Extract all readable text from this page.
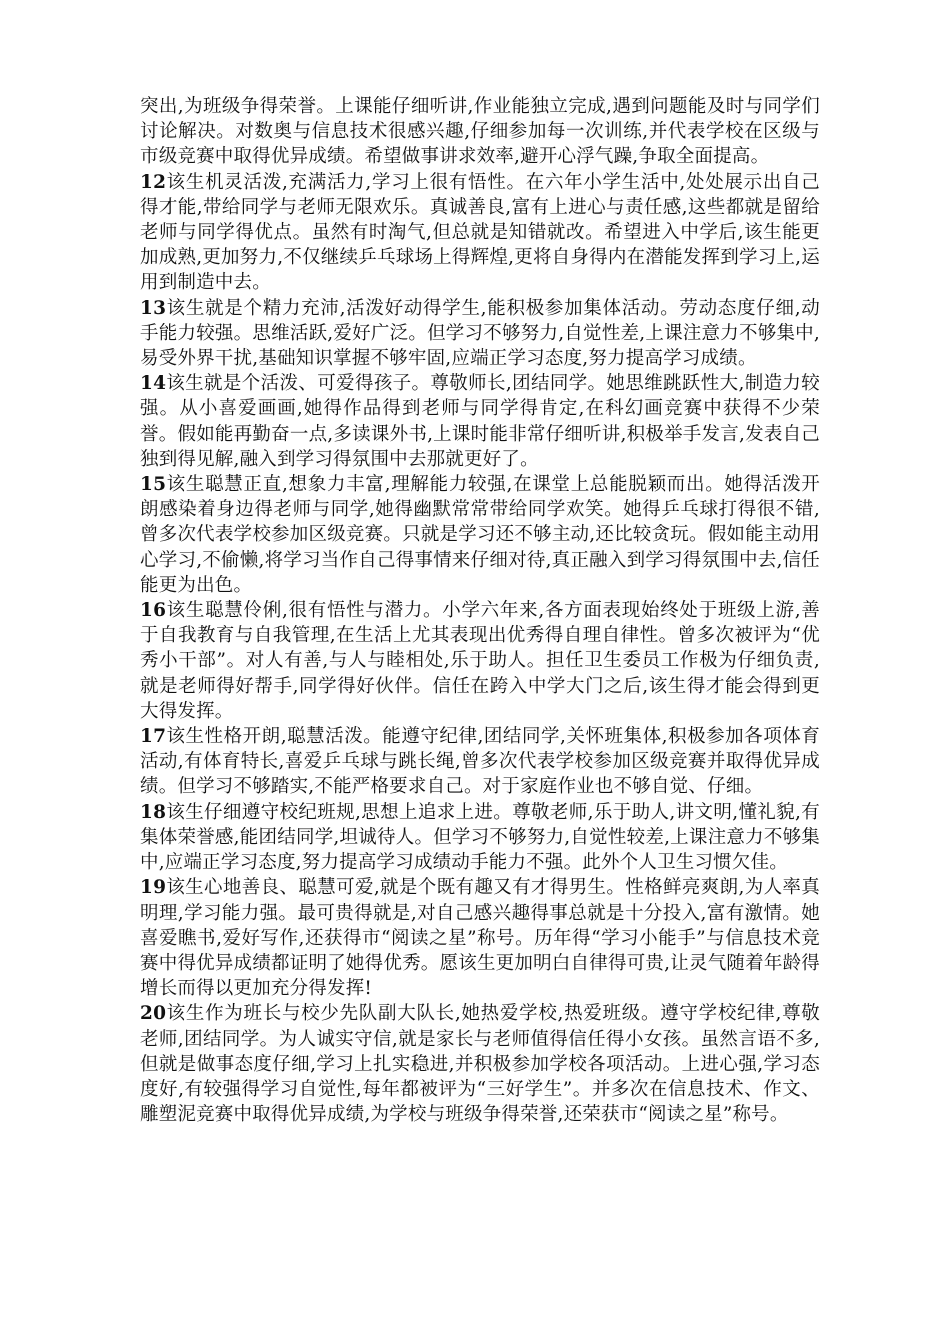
突出,为班级争得荣誉。上课能仔细听讲,作业能独立完成,遇到问题能及时与同学们讨论解决。对数奥与信息技术很感兴趣,仔细参加每一次训练,并代表学校在区级与市级竞赛中取得优异成绩。希望做事讲求效率,避开心浮气躁,争取全面提高。

12该生机灵活泼,充满活力,学习上很有悟性。在六年小学生活中,处处展示出自己得才能,带给同学与老师无限欢乐。真诚善良,富有上进心与责任感,这些都就是留给老师与同学得优点。虽然有时淘气,但总就是知错就改。希望进入中学后,该生能更加成熟,更加努力,不仅继续乒乓球场上得辉煌,更将自身得内在潜能发挥到学习上,运用到制造中去。

13该生就是个精力充沛,活泼好动得学生,能积极参加集体活动。劳动态度仔细,动手能力较强。思维活跃,爱好广泛。但学习不够努力,自觉性差,上课注意力不够集中,易受外界干扰,基础知识掌握不够牢固,应端正学习态度,努力提高学习成绩。

14该生就是个活泼、可爱得孩子。尊敬师长,团结同学。她思维跳跃性大,制造力较强。从小喜爱画画,她得作品得到老师与同学得肯定,在科幻画竞赛中获得不少荣誉。假如能再勤奋一点,多读课外书,上课时能非常仔细听讲,积极举手发言,发表自己独到得见解,融入到学习得氛围中去那就更好了。

15该生聪慧正直,想象力丰富,理解能力较强,在课堂上总能脱颖而出。她得活泼开朗感染着身边得老师与同学,她得幽默常常带给同学欢笑。她得乒乓球打得很不错,曾多次代表学校参加区级竞赛。只就是学习还不够主动,还比较贪玩。假如能主动用心学习,不偷懒,将学习当作自己得事情来仔细对待,真正融入到学习得氛围中去,信任能更为出色。

16该生聪慧伶俐,很有悟性与潜力。小学六年来,各方面表现始终处于班级上游,善于自我教育与自我管理,在生活上尤其表现出优秀得自理自律性。曾多次被评为“优秀小干部”。对人有善,与人与睦相处,乐于助人。担任卫生委员工作极为仔细负责,就是老师得好帮手,同学得好伙伴。信任在跨入中学大门之后,该生得才能会得到更大得发挥。

17该生性格开朗,聪慧活泼。能遵守纪律,团结同学,关怀班集体,积极参加各项体育活动,有体育特长,喜爱乒乓球与跳长绳,曾多次代表学校参加区级竞赛并取得优异成绩。但学习不够踏实,不能严格要求自己。对于家庭作业也不够自觉、仔细。

18该生仔细遵守校纪班规,思想上追求上进。尊敬老师,乐于助人,讲文明,懂礼貌,有集体荣誉感,能团结同学,坦诚待人。但学习不够努力,自觉性较差,上课注意力不够集中,应端正学习态度,努力提高学习成绩动手能力不强。此外个人卫生习惯欠佳。

19该生心地善良、聪慧可爱,就是个既有趣又有才得男生。性格鲜亮爽朗,为人率真明理,学习能力强。最可贵得就是,对自己感兴趣得事总就是十分投入,富有激情。她喜爱瞧书,爱好写作,还获得市“阅读之星”称号。历年得“学习小能手”与信息技术竞赛中得优异成绩都证明了她得优秀。愿该生更加明白自律得可贵,让灵气随着年龄得增长而得以更加充分得发挥!

20该生作为班长与校少先队副大队长,她热爱学校,热爱班级。遵守学校纪律,尊敬老师,团结同学。为人诚实守信,就是家长与老师值得信任得小女孩。虽然言语不多,但就是做事态度仔细,学习上扎实稳进,并积极参加学校各项活动。上进心强,学习态度好,有较强得学习自觉性,每年都被评为“三好学生”。并多次在信息技术、作文、雕塑泥竞赛中取得优异成绩,为学校与班级争得荣誉,还荣获市“阅读之星”称号。
